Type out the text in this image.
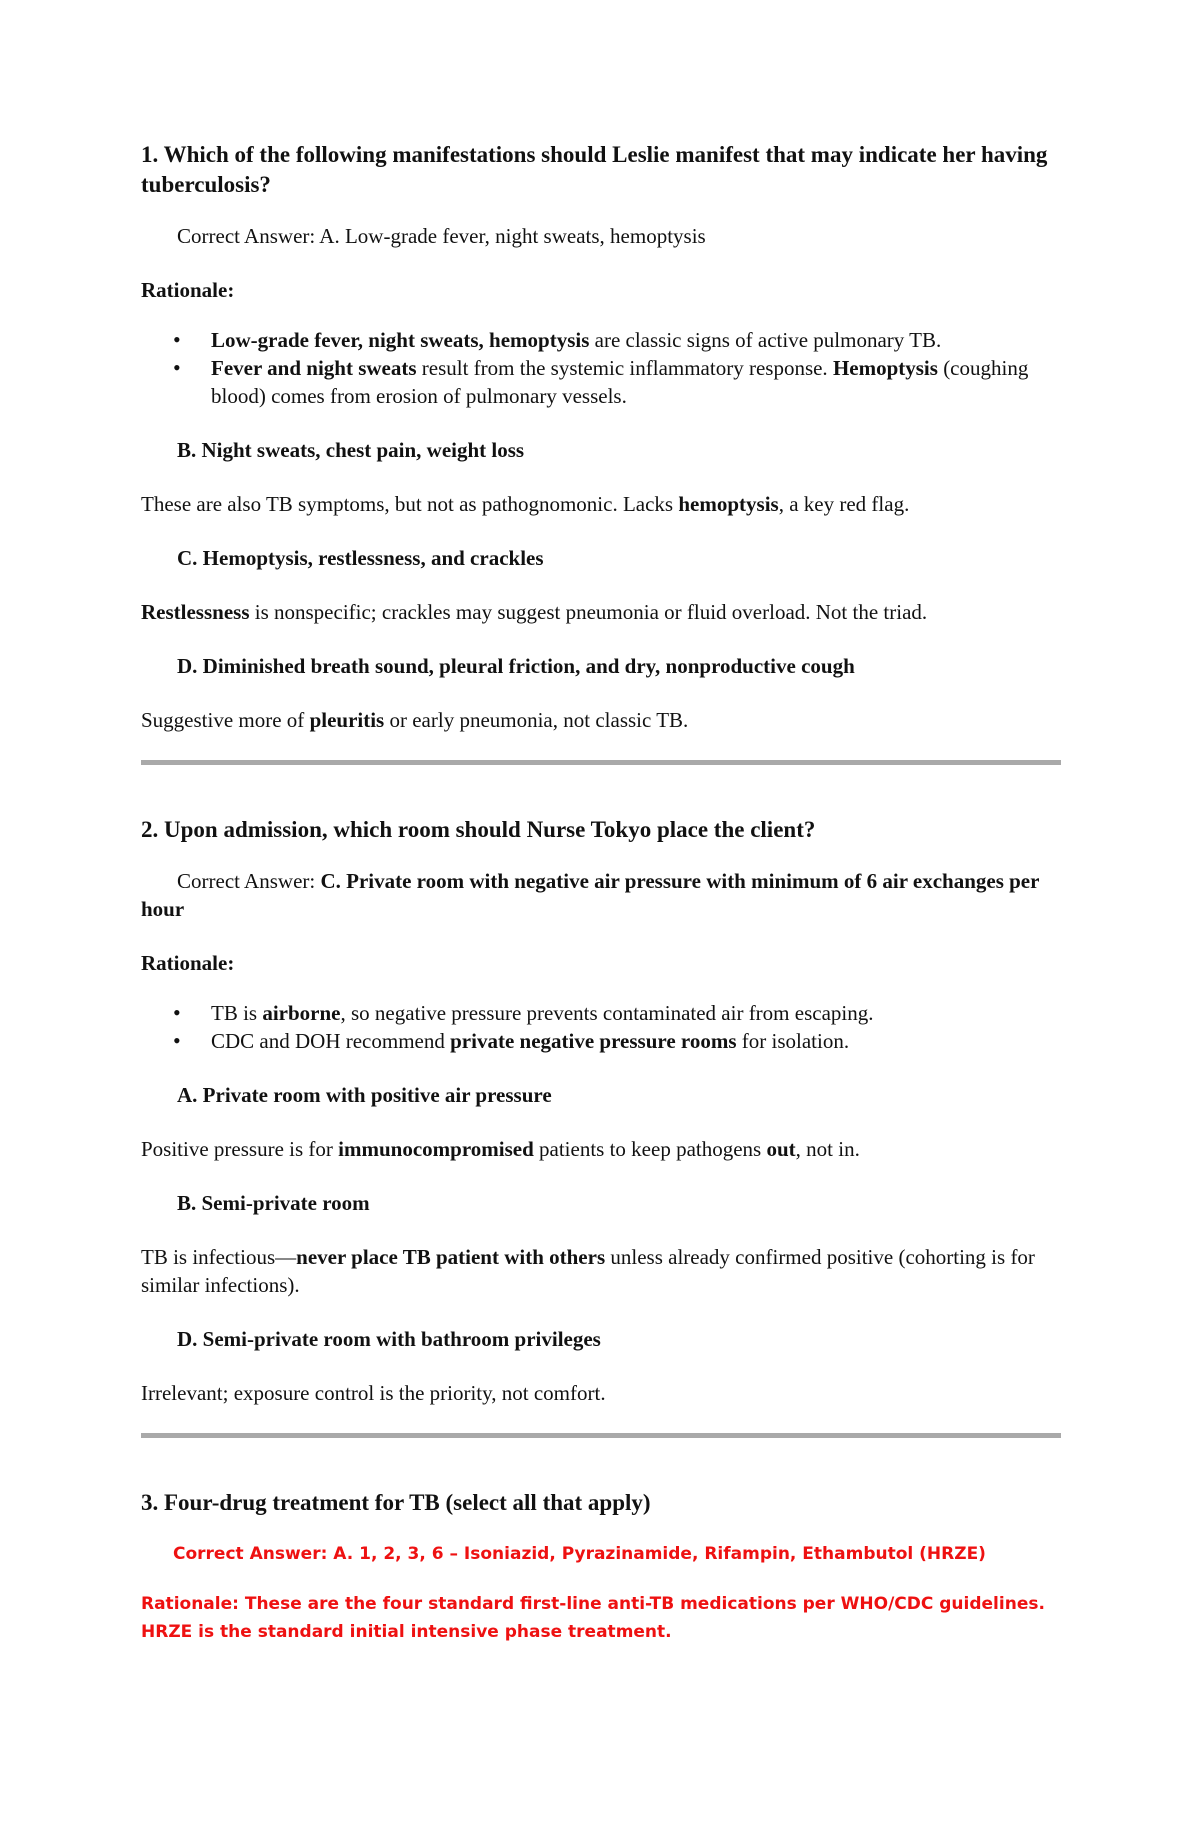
1. Which of the following manifestations should Leslie manifest that may indicate her having tuberculosis?

Correct Answer: A. Low-grade fever, night sweats, hemoptysis

Rationale:

• Low-grade fever, night sweats, hemoptysis are classic signs of active pulmonary TB.
• Fever and night sweats result from the systemic inflammatory response. Hemoptysis (coughing blood) comes from erosion of pulmonary vessels.

B. Night sweats, chest pain, weight loss

These are also TB symptoms, but not as pathognomonic. Lacks hemoptysis, a key red flag.

C. Hemoptysis, restlessness, and crackles

Restlessness is nonspecific; crackles may suggest pneumonia or fluid overload. Not the triad.

D. Diminished breath sound, pleural friction, and dry, nonproductive cough

Suggestive more of pleuritis or early pneumonia, not classic TB.

2. Upon admission, which room should Nurse Tokyo place the client?

Correct Answer: C. Private room with negative air pressure with minimum of 6 air exchanges per hour

Rationale:

• TB is airborne, so negative pressure prevents contaminated air from escaping.
• CDC and DOH recommend private negative pressure rooms for isolation.

A. Private room with positive air pressure

Positive pressure is for immunocompromised patients to keep pathogens out, not in.

B. Semi-private room

TB is infectious—never place TB patient with others unless already confirmed positive (cohorting is for similar infections).

D. Semi-private room with bathroom privileges

Irrelevant; exposure control is the priority, not comfort.

3. Four-drug treatment for TB (select all that apply)

Correct Answer: A. 1, 2, 3, 6 – Isoniazid, Pyrazinamide, Rifampin, Ethambutol (HRZE)

Rationale: These are the four standard first-line anti-TB medications per WHO/CDC guidelines. HRZE is the standard initial intensive phase treatment.
